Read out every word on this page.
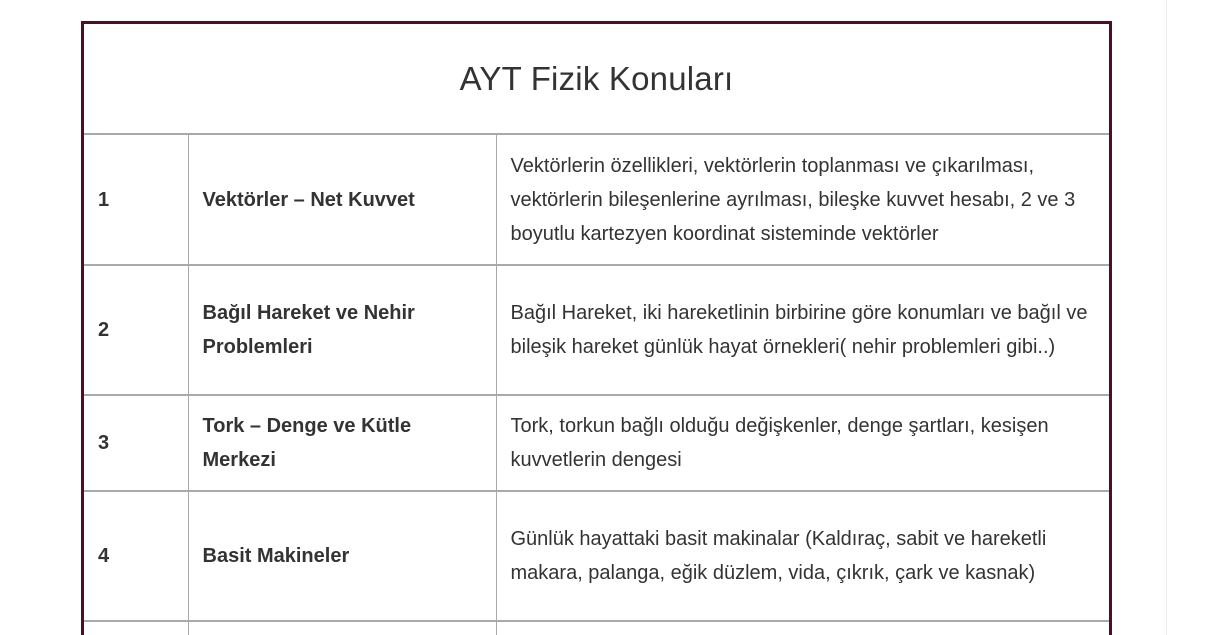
AYT Fizik Konuları
1	Vektörler – Net Kuvvet	Vektörlerin özellikleri, vektörlerin toplanması ve çıkarılması, vektörlerin bileşenlerine ayrılması, bileşke kuvvet hesabı, 2 ve 3 boyutlu kartezyen koordinat sisteminde vektörler
2	Bağıl Hareket ve Nehir Problemleri	Bağıl Hareket, iki hareketlinin birbirine göre konumları ve bağıl ve bileşik hareket günlük hayat örnekleri( nehir problemleri gibi..)
3	Tork – Denge ve Kütle Merkezi	Tork, torkun bağlı olduğu değişkenler, denge şartları, kesişen kuvvetlerin dengesi
4	Basit Makineler	Günlük hayattaki basit makinalar (Kaldıraç, sabit ve hareketli makara, palanga, eğik düzlem, vida, çıkrık, çark ve kasnak)
